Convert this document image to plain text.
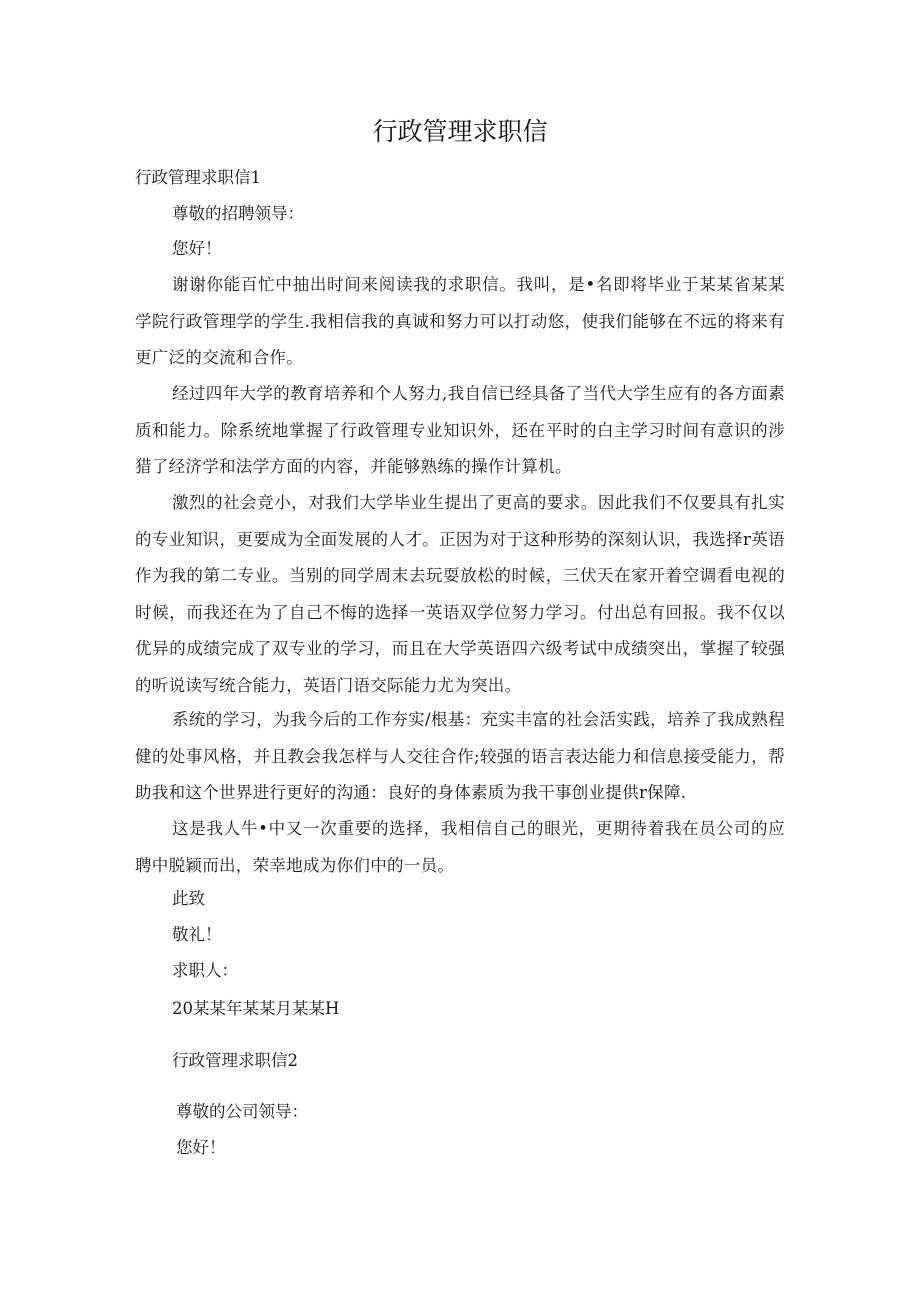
行政管理求职信

行政管理求职信1

尊敬的招聘领导：

您好！

谢谢你能百忙中抽出时间来阅读我的求职信。我叫，是•名即将毕业于某某省某某学院行政管理学的学生.我相信我的真诚和努力可以打动悠，使我们能够在不远的将来有更广泛的交流和合作。

经过四年大学的教育培养和个人努力,我自信已经具备了当代大学生应有的各方面素质和能力。除系统地掌握了行政管理专业知识外，还在平时的白主学习时间有意识的涉猎了经济学和法学方面的内容，并能够熟练的操作计算机。

激烈的社会竞小，对我们大学毕业生提出了更高的要求。因此我们不仅要具有扎实的专业知识，更要成为全面发展的人才。正因为对于这种形势的深刻认识，我选择r英语作为我的第二专业。当别的同学周末去玩耍放松的时候，三伏天在家开着空调看电视的时候，而我还在为了自己不悔的选择一英语双学位努力学习。付出总有回报。我不仅以优异的成绩完成了双专业的学习，而且在大学英语四六级考试中成绩突出，掌握了较强的听说读写统合能力，英语门语交际能力尤为突出。

系统的学习，为我今后的工作夯实/根基：充实丰富的社会活实践，培养了我成熟程健的处事风格，并且教会我怎样与人交往合作;较强的语言表达能力和信息接受能力，帮助我和这个世界进行更好的沟通：良好的身体素质为我干事创业提供r保障.

这是我人牛•中又一次重要的选择，我相信自己的眼光，更期待着我在员公司的应聘中脱颖而出，荣幸地成为你们中的一员。

此致

敬礼！

求职人：

20某某年某某月某某H

行政管理求职信2

尊敬的公司领导：

您好！
